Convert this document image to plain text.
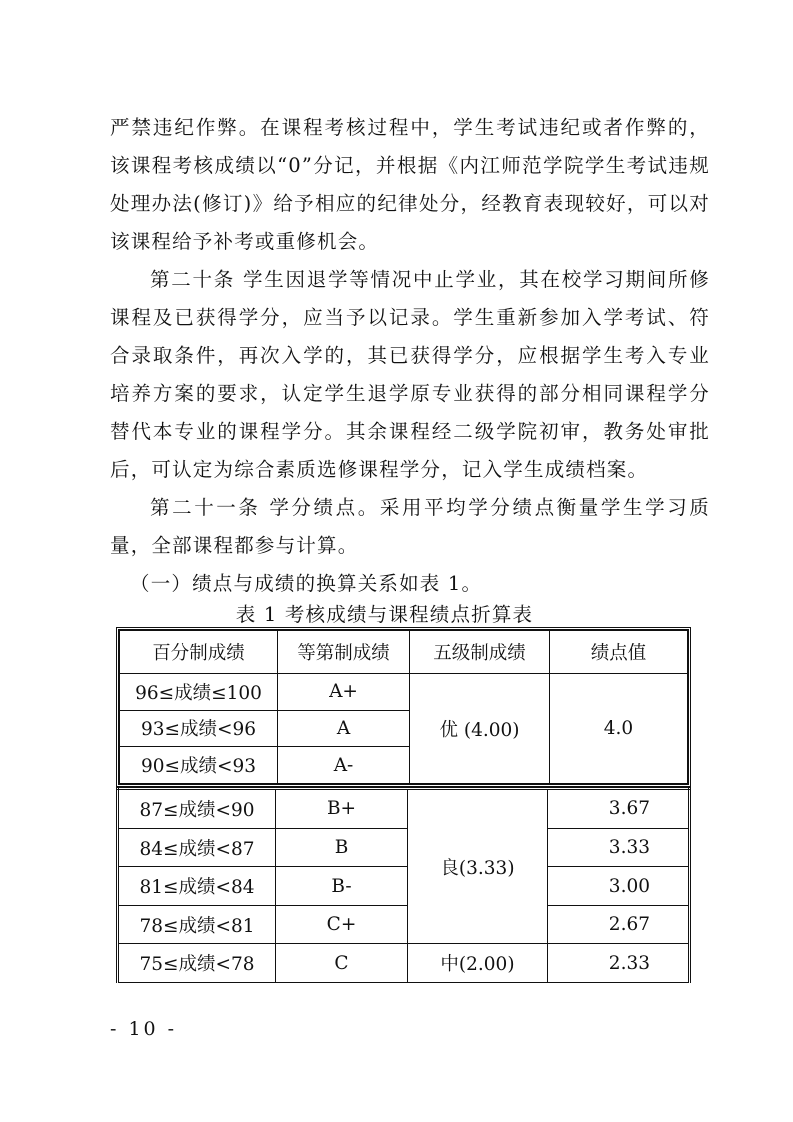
严禁违纪作弊。在课程考核过程中，学生考试违纪或者作弊的，该课程考核成绩以“0”分记，并根据《内江师范学院学生考试违规处理办法(修订)》给予相应的纪律处分，经教育表现较好，可以对该课程给予补考或重修机会。

第二十条 学生因退学等情况中止学业，其在校学习期间所修课程及已获得学分，应当予以记录。学生重新参加入学考试、符合录取条件，再次入学的，其已获得学分，应根据学生考入专业培养方案的要求，认定学生退学原专业获得的部分相同课程学分替代本专业的课程学分。其余课程经二级学院初审，教务处审批后，可认定为综合素质选修课程学分，记入学生成绩档案。

第二十一条 学分绩点。采用平均学分绩点衡量学生学习质量，全部课程都参与计算。

（一）绩点与成绩的换算关系如表 1。

表 1 考核成绩与课程绩点折算表
百分制成绩	等第制成绩	五级制成绩	绩点值
96≤成绩≤100	A+	优 (4.00)	4.0
93≤成绩<96	A		
90≤成绩<93	A-		
87≤成绩<90	B+	良(3.33)	3.67
84≤成绩<87	B		3.33
81≤成绩<84	B-		3.00
78≤成绩<81	C+		2.67
75≤成绩<78	C	中(2.00)	2.33
- 10 -
